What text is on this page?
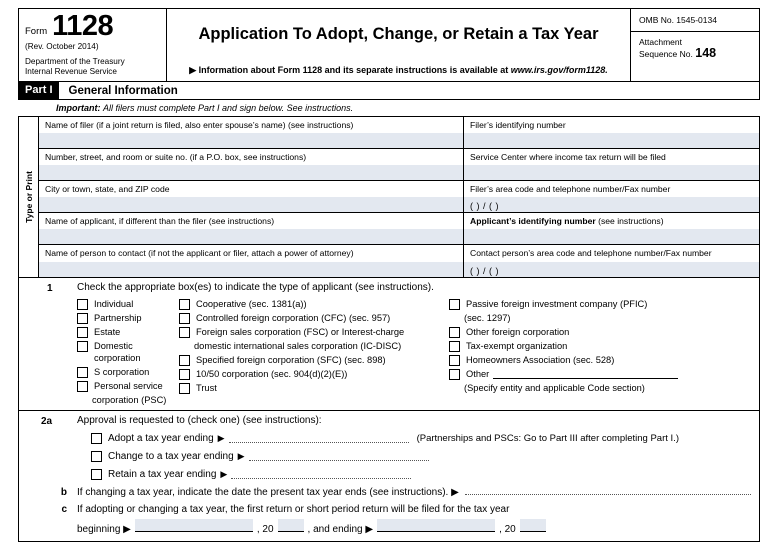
Form 1128
(Rev. October 2014)
Department of the Treasury
Internal Revenue Service
Application To Adopt, Change, or Retain a Tax Year
▶ Information about Form 1128 and its separate instructions is available at www.irs.gov/form1128.
OMB No. 1545-0134
Attachment
Sequence No. 148
Part I	General Information
Important: All filers must complete Part I and sign below. See instructions.
Type or Print
Name of filer (if a joint return is filed, also enter spouse’s name) (see instructions)	Filer’s identifying number
Number, street, and room or suite no. (if a P.O. box, see instructions)	Service Center where income tax return will be filed
City or town, state, and ZIP code	Filer’s area code and telephone number/Fax number
( ) / ( )
Name of applicant, if different than the filer (see instructions)	Applicant’s identifying number (see instructions)
Name of person to contact (if not the applicant or filer, attach a power of attorney)	Contact person’s area code and telephone number/Fax number
( ) / ( )
1 Check the appropriate box(es) to indicate the type of applicant (see instructions).
Individual
Partnership
Estate
Domestic corporation
S corporation
Personal service
corporation (PSC)
Cooperative (sec. 1381(a))
Controlled foreign corporation (CFC) (sec. 957)
Foreign sales corporation (FSC) or Interest-charge
domestic international sales corporation (IC-DISC)
Specified foreign corporation (SFC) (sec. 898)
10/50 corporation (sec. 904(d)(2)(E))
Trust
Passive foreign investment company (PFIC)
(sec. 1297)
Other foreign corporation
Tax-exempt organization
Homeowners Association (sec. 528)
Other
(Specify entity and applicable Code section)
2a Approval is requested to (check one) (see instructions):
Adopt a tax year ending ▶	(Partnerships and PSCs: Go to Part III after completing Part I.)
Change to a tax year ending ▶
Retain a tax year ending ▶
b	If changing a tax year, indicate the date the present tax year ends (see instructions). ▶
c	If adopting or changing a tax year, the first return or short period return will be filed for the tax year
beginning ▶	, 20	, and ending ▶	, 20
